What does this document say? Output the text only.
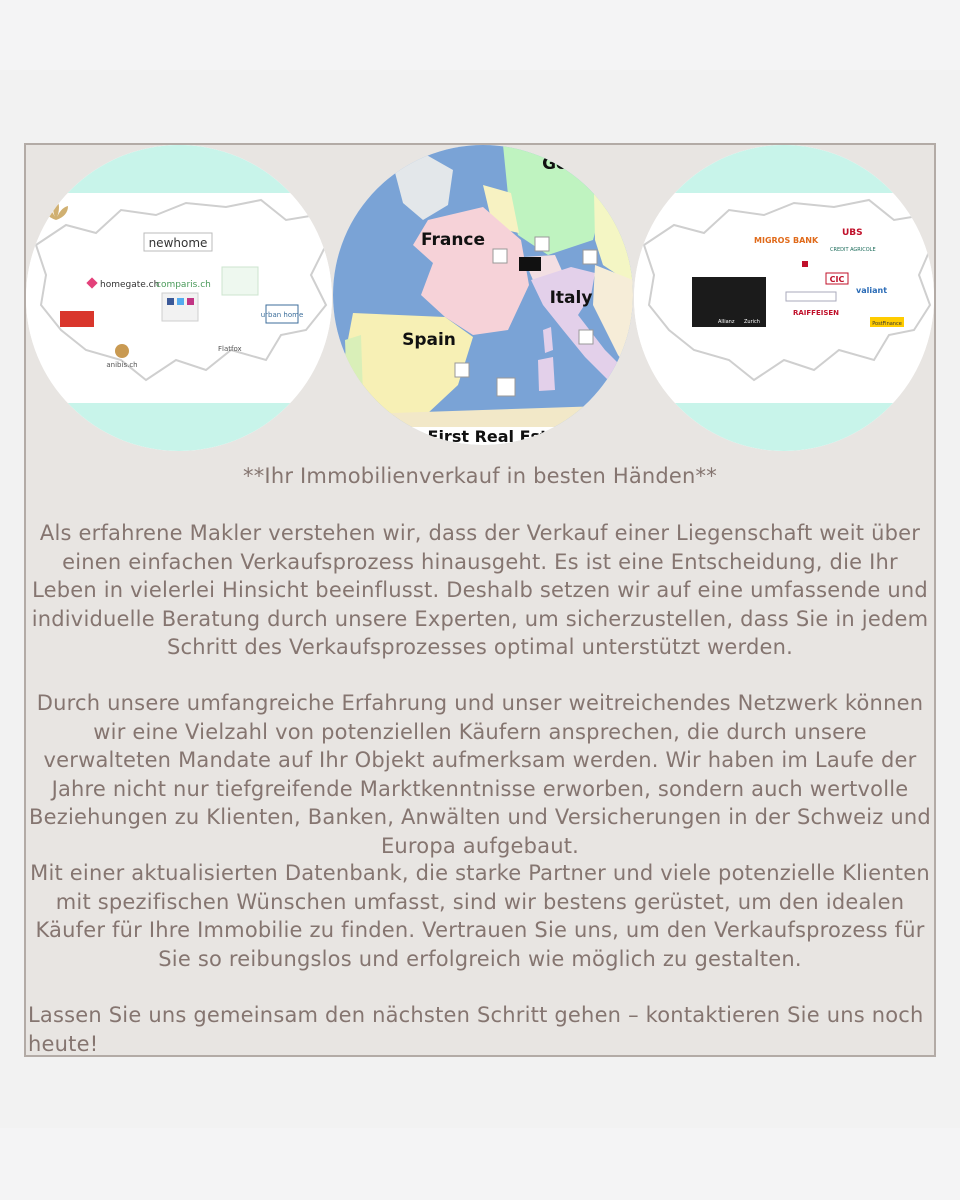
newhome
homegate.ch
comparis.ch
urban home
Flatfox
anibis.ch
France
Italy
Spain
Ger
First Real Esta
UBS
MIGROS BANK
CREDIT AGRICOLE
CIC
valiant
RAIFFEISEN
PostFinance
Zurich
Allianz
**Ihr Immobilienverkauf in besten Händen**
Als erfahrene Makler verstehen wir, dass der Verkauf einer Liegenschaft weit über einen einfachen Verkaufsprozess hinausgeht. Es ist eine Entscheidung, die Ihr Leben in vielerlei Hinsicht beeinflusst. Deshalb setzen wir auf eine umfassende und individuelle Beratung durch unsere Experten, um sicherzustellen, dass Sie in jedem Schritt des Verkaufsprozesses optimal unterstützt werden.
Durch unsere umfangreiche Erfahrung und unser weitreichendes Netzwerk können wir eine Vielzahl von potenziellen Käufern ansprechen, die durch unsere verwalteten Mandate auf Ihr Objekt aufmerksam werden. Wir haben im Laufe der Jahre nicht nur tiefgreifende Marktkenntnisse erworben, sondern auch wertvolle Beziehungen zu Klienten, Banken, Anwälten und Versicherungen in der Schweiz und Europa aufgebaut.
Mit einer aktualisierten Datenbank, die starke Partner und viele potenzielle Klienten mit spezifischen Wünschen umfasst, sind wir bestens gerüstet, um den idealen Käufer für Ihre Immobilie zu finden. Vertrauen Sie uns, um den Verkaufsprozess für Sie so reibungslos und erfolgreich wie möglich zu gestalten.
Lassen Sie uns gemeinsam den nächsten Schritt gehen – kontaktieren Sie uns noch heute!
